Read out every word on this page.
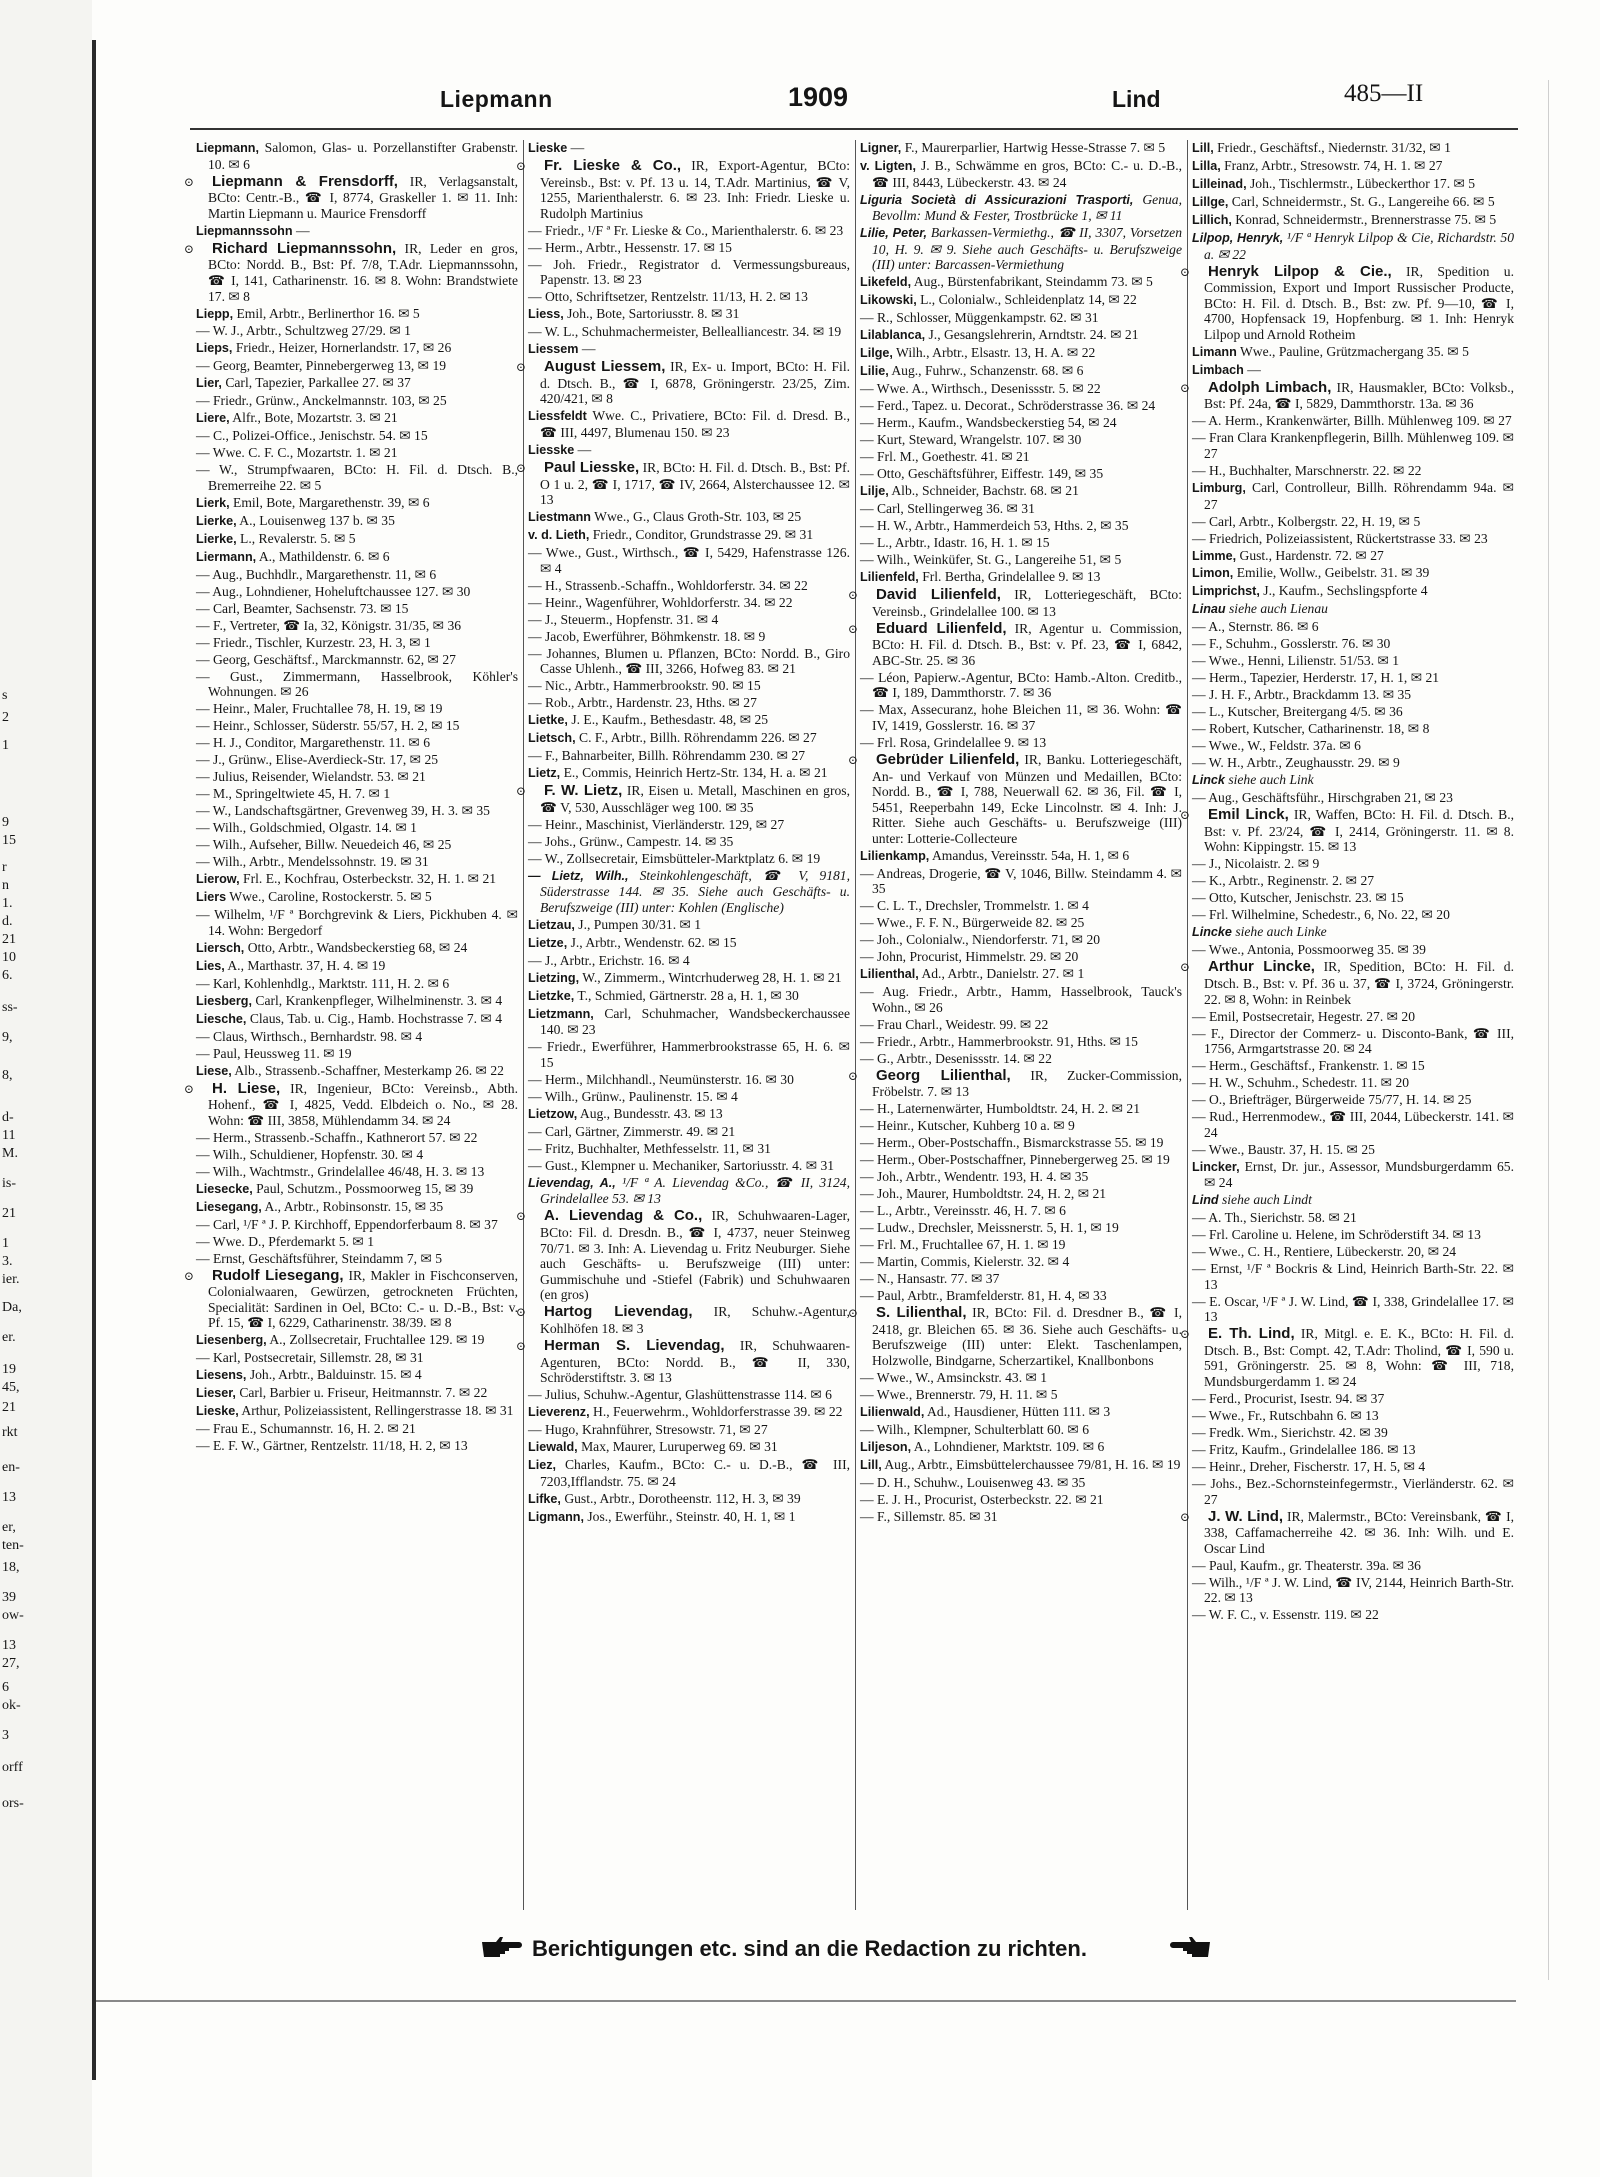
s
2
1
9
15
r
n
1.
d.
21
10
6.
ss-
9,
8,
d-
11
M.
is-
21
1
3.
ier.
Da,
er.
19
45,
21
rkt
en-
13
er,
ten-
18,
39
ow-
13
27,
6
ok-
3
orff
ors-
Liepmann	1909	Lind	485—II
Liepmann, Salomon, Glas- u. Porzellanstifter Grabenstr. 10. ✉ 6
⊙ Liepmann & Frensdorff, IR, Verlagsanstalt, BCto: Centr.-B., ☎ I, 8774, Graskeller 1. ✉ 11. Inh: Martin Liepmann u. Maurice Frensdorff
Liepmannssohn —
⊙ Richard Liepmannssohn, IR, Leder en gros, BCto: Nordd. B., Bst: Pf. 7/8, T.Adr. Liepmannssohn, ☎ I, 141, Catharinenstr. 16. ✉ 8. Wohn: Brandstwiete 17. ✉ 8
Liepp, Emil, Arbtr., Berlinerthor 16. ✉ 5
— W. J., Arbtr., Schultzweg 27/29. ✉ 1
Lieps, Friedr., Heizer, Hornerlandstr. 17, ✉ 26
— Georg, Beamter, Pinnebergerweg 13, ✉ 19
Lier, Carl, Tapezier, Parkallee 27. ✉ 37
— Friedr., Grünw., Anckelmannstr. 103, ✉ 25
Liere, Alfr., Bote, Mozartstr. 3. ✉ 21
— C., Polizei-Office., Jenischstr. 54. ✉ 15
— Wwe. C. F. C., Mozartstr. 1. ✉ 21
— W., Strumpfwaaren, BCto: H. Fil. d. Dtsch. B., Bremerreihe 22. ✉ 5
Lierk, Emil, Bote, Margarethenstr. 39, ✉ 6
Lierke, A., Louisenweg 137 b. ✉ 35
Lierke, L., Revalerstr. 5. ✉ 5
Liermann, A., Mathildenstr. 6. ✉ 6
— Aug., Buchhdlr., Margarethenstr. 11, ✉ 6
— Aug., Lohndiener, Hoheluftchaussee 127. ✉ 30
— Carl, Beamter, Sachsenstr. 73. ✉ 15
— F., Vertreter, ☎ Ia, 32, Königstr. 31/35, ✉ 36
— Friedr., Tischler, Kurzestr. 23, H. 3, ✉ 1
— Georg, Geschäftsf., Marckmannstr. 62, ✉ 27
— Gust., Zimmermann, Hasselbrook, Köhler's Wohnungen. ✉ 26
— Heinr., Maler, Fruchtallee 78, H. 19, ✉ 19
— Heinr., Schlosser, Süderstr. 55/57, H. 2, ✉ 15
— H. J., Conditor, Margarethenstr. 11. ✉ 6
— J., Grünw., Elise-Averdieck-Str. 17, ✉ 25
— Julius, Reisender, Wielandstr. 53. ✉ 21
— M., Springeltwiete 45, H. 7. ✉ 1
— W., Landschaftsgärtner, Grevenweg 39, H. 3. ✉ 35
— Wilh., Goldschmied, Olgastr. 14. ✉ 1
— Wilh., Aufseher, Billw. Neuedeich 46, ✉ 25
— Wilh., Arbtr., Mendelssohnstr. 19. ✉ 31
Lierow, Frl. E., Kochfrau, Osterbeckstr. 32, H. 1. ✉ 21
Liers Wwe., Caroline, Rostockerstr. 5. ✉ 5
— Wilhelm, ¹/F ª Borchgrevink & Liers, Pickhuben 4. ✉ 14. Wohn: Bergedorf
Liersch, Otto, Arbtr., Wandsbeckerstieg 68, ✉ 24
Lies, A., Marthastr. 37, H. 4. ✉ 19
— Karl, Kohlenhdlg., Marktstr. 111, H. 2. ✉ 6
Liesberg, Carl, Krankenpfleger, Wilhelminenstr. 3. ✉ 4
Liesche, Claus, Tab. u. Cig., Hamb. Hochstrasse 7. ✉ 4
— Claus, Wirthsch., Bernhardstr. 98. ✉ 4
— Paul, Heussweg 11. ✉ 19
Liese, Alb., Strassenb.-Schaffner, Mesterkamp 26. ✉ 22
⊙ H. Liese, IR, Ingenieur, BCto: Vereinsb., Abth. Hohenf., ☎ I, 4825, Vedd. Elbdeich o. No., ✉ 28. Wohn: ☎ III, 3858, Mühlendamm 34. ✉ 24
— Herm., Strassenb.-Schaffn., Kathnerort 57. ✉ 22
— Wilh., Schuldiener, Hopfenstr. 30. ✉ 4
— Wilh., Wachtmstr., Grindelallee 46/48, H. 3. ✉ 13
Liesecke, Paul, Schutzm., Possmoorweg 15, ✉ 39
Liesegang, A., Arbtr., Robinsonstr. 15, ✉ 35
— Carl, ¹/F ª J. P. Kirchhoff, Eppendorferbaum 8. ✉ 37
— Wwe. D., Pferdemarkt 5. ✉ 1
— Ernst, Geschäftsführer, Steindamm 7, ✉ 5
⊙ Rudolf Liesegang, IR, Makler in Fischconserven, Colonialwaaren, Gewürzen, getrockneten Früchten, Specialität: Sardinen in Oel, BCto: C.- u. D.-B., Bst: v. Pf. 15, ☎ I, 6229, Catharinenstr. 38/39. ✉ 8
Liesenberg, A., Zollsecretair, Fruchtallee 129. ✉ 19
— Karl, Postsecretair, Sillemstr. 28, ✉ 31
Liesens, Joh., Arbtr., Balduinstr. 15. ✉ 4
Lieser, Carl, Barbier u. Friseur, Heitmannstr. 7. ✉ 22
Lieske, Arthur, Polizeiassistent, Rellingerstrasse 18. ✉ 31
— Frau E., Schumannstr. 16, H. 2. ✉ 21
— E. F. W., Gärtner, Rentzelstr. 11/18, H. 2, ✉ 13
Lieske —
⊙ Fr. Lieske & Co., IR, Export-Agentur, BCto: Vereinsb., Bst: v. Pf. 13 u. 14, T.Adr. Martinius, ☎ V, 1255, Marienthalerstr. 6. ✉ 23. Inh: Friedr. Lieske u. Rudolph Martinius
— Friedr., ¹/F ª Fr. Lieske & Co., Marienthalerstr. 6. ✉ 23
— Herm., Arbtr., Hessenstr. 17. ✉ 15
— Joh. Friedr., Registrator d. Vermessungsbureaus, Papenstr. 13. ✉ 23
— Otto, Schriftsetzer, Rentzelstr. 11/13, H. 2. ✉ 13
Liess, Joh., Bote, Sartoriusstr. 8. ✉ 31
— W. L., Schuhmachermeister, Bellealliancestr. 34. ✉ 19
Liessem —
⊙ August Liessem, IR, Ex- u. Import, BCto: H. Fil. d. Dtsch. B., ☎ I, 6878, Gröningerstr. 23/25, Zim. 420/421, ✉ 8
Liessfeldt Wwe. C., Privatiere, BCto: Fil. d. Dresd. B., ☎ III, 4497, Blumenau 150. ✉ 23
Liesske —
⊙ Paul Liesske, IR, BCto: H. Fil. d. Dtsch. B., Bst: Pf. O 1 u. 2, ☎ I, 1717, ☎ IV, 2664, Alsterchaussee 12. ✉ 13
Liestmann Wwe., G., Claus Groth-Str. 103, ✉ 25
v. d. Lieth, Friedr., Conditor, Grundstrasse 29. ✉ 31
— Wwe., Gust., Wirthsch., ☎ I, 5429, Hafenstrasse 126. ✉ 4
— H., Strassenb.-Schaffn., Wohldorferstr. 34. ✉ 22
— Heinr., Wagenführer, Wohldorferstr. 34. ✉ 22
— J., Steuerm., Hopfenstr. 31. ✉ 4
— Jacob, Ewerführer, Böhmkenstr. 18. ✉ 9
— Johannes, Blumen u. Pflanzen, BCto: Nordd. B., Giro Casse Uhlenh., ☎ III, 3266, Hofweg 83. ✉ 21
— Nic., Arbtr., Hammerbrookstr. 90. ✉ 15
— Rob., Arbtr., Hardenstr. 23, Hths. ✉ 27
Lietke, J. E., Kaufm., Bethesdastr. 48, ✉ 25
Lietsch, C. F., Arbtr., Billh. Röhrendamm 226. ✉ 27
— F., Bahnarbeiter, Billh. Röhrendamm 230. ✉ 27
Lietz, E., Commis, Heinrich Hertz-Str. 134, H. a. ✉ 21
⊙ F. W. Lietz, IR, Eisen u. Metall, Maschinen en gros, ☎ V, 530, Ausschläger weg 100. ✉ 35
— Heinr., Maschinist, Vierländerstr. 129, ✉ 27
— Johs., Grünw., Campestr. 14. ✉ 35
— W., Zollsecretair, Eimsbütteler-Marktplatz 6. ✉ 19
— Lietz, Wilh., Steinkohlengeschäft, ☎ V, 9181, Süderstrasse 144. ✉ 35. Siehe auch Geschäfts- u. Berufszweige (III) unter: Kohlen (Englische)
Lietzau, J., Pumpen 30/31. ✉ 1
Lietze, J., Arbtr., Wendenstr. 62. ✉ 15
— J., Arbtr., Erichstr. 16. ✉ 4
Lietzing, W., Zimmerm., Wintcrhuderweg 28, H. 1. ✉ 21
Lietzke, T., Schmied, Gärtnerstr. 28 a, H. 1, ✉ 30
Lietzmann, Carl, Schuhmacher, Wandsbeckerchaussee 140. ✉ 23
— Friedr., Ewerführer, Hammerbrookstrasse 65, H. 6. ✉ 15
— Herm., Milchhandl., Neumünsterstr. 16. ✉ 30
— Wilh., Grünw., Paulinenstr. 15. ✉ 4
Lietzow, Aug., Bundesstr. 43. ✉ 13
— Carl, Gärtner, Zimmerstr. 49. ✉ 21
— Fritz, Buchhalter, Methfesselstr. 11, ✉ 31
— Gust., Klempner u. Mechaniker, Sartoriusstr. 4. ✉ 31
Lievendag, A., ¹/F ª A. Lievendag &Co., ☎ II, 3124, Grindelallee 53. ✉ 13
⊙ A. Lievendag & Co., IR, Schuhwaaren-Lager, BCto: Fil. d. Dresdn. B., ☎ I, 4737, neuer Steinweg 70/71. ✉ 3. Inh: A. Lievendag u. Fritz Neuburger. Siehe auch Geschäfts- u. Berufszweige (III) unter: Gummischuhe und -Stiefel (Fabrik) und Schuhwaaren (en gros)
⊙ Hartog Lievendag, IR, Schuhw.-Agentur, Kohlhöfen 18. ✉ 3
⊙ Herman S. Lievendag, IR, Schuhwaaren-Agenturen, BCto: Nordd. B., ☎ II, 330, Schröderstiftstr. 3. ✉ 13
— Julius, Schuhw.-Agentur, Glashüttenstrasse 114. ✉ 6
Lieverenz, H., Feuerwehrm., Wohldorferstrasse 39. ✉ 22
— Hugo, Krahnführer, Stresowstr. 71, ✉ 27
Liewald, Max, Maurer, Luruperweg 69. ✉ 31
Liez, Charles, Kaufm., BCto: C.- u. D.-B., ☎ III, 7203,Ifflandstr. 75. ✉ 24
Lifke, Gust., Arbtr., Dorotheenstr. 112, H. 3, ✉ 39
Ligmann, Jos., Ewerführ., Steinstr. 40, H. 1, ✉ 1
Ligner, F., Maurerparlier, Hartwig Hesse-Strasse 7. ✉ 5
v. Ligten, J. B., Schwämme en gros, BCto: C.- u. D.-B., ☎ III, 8443, Lübeckerstr. 43. ✉ 24
Liguria Società di Assicurazioni Trasporti, Genua, Bevollm: Mund & Fester, Trostbrücke 1, ✉ 11
Lilie, Peter, Barkassen-Vermiethg., ☎ II, 3307, Vorsetzen 10, H. 9. ✉ 9. Siehe auch Geschäfts- u. Berufszweige (III) unter: Barcassen-Vermiethung
Likefeld, Aug., Bürstenfabrikant, Steindamm 73. ✉ 5
Likowski, L., Colonialw., Schleidenplatz 14, ✉ 22
— R., Schlosser, Müggenkampstr. 62. ✉ 31
Lilablanca, J., Gesangslehrerin, Arndtstr. 24. ✉ 21
Lilge, Wilh., Arbtr., Elsastr. 13, H. A. ✉ 22
Lilie, Aug., Fuhrw., Schanzenstr. 68. ✉ 6
— Wwe. A., Wirthsch., Desenissstr. 5. ✉ 22
— Ferd., Tapez. u. Decorat., Schröderstrasse 36. ✉ 24
— Herm., Kaufm., Wandsbeckerstieg 54, ✉ 24
— Kurt, Steward, Wrangelstr. 107. ✉ 30
— Frl. M., Goethestr. 41. ✉ 21
— Otto, Geschäftsführer, Eiffestr. 149, ✉ 35
Lilje, Alb., Schneider, Bachstr. 68. ✉ 21
— Carl, Stellingerweg 36. ✉ 31
— H. W., Arbtr., Hammerdeich 53, Hths. 2, ✉ 35
— L., Arbtr., Idastr. 16, H. 1. ✉ 15
— Wilh., Weinküfer, St. G., Langereihe 51, ✉ 5
Lilienfeld, Frl. Bertha, Grindelallee 9. ✉ 13
⊙ David Lilienfeld, IR, Lotteriegeschäft, BCto: Vereinsb., Grindelallee 100. ✉ 13
⊙ Eduard Lilienfeld, IR, Agentur u. Commission, BCto: H. Fil. d. Dtsch. B., Bst: v. Pf. 23, ☎ I, 6842, ABC-Str. 25. ✉ 36
— Léon, Papierw.-Agentur, BCto: Hamb.-Alton. Creditb., ☎ I, 189, Dammthorstr. 7. ✉ 36
— Max, Assecuranz, hohe Bleichen 11, ✉ 36. Wohn: ☎ IV, 1419, Gosslerstr. 16. ✉ 37
— Frl. Rosa, Grindelallee 9. ✉ 13
⊙ Gebrüder Lilienfeld, IR, Banku. Lotteriegeschäft, An- und Verkauf von Münzen und Medaillen, BCto: Nordd. B., ☎ I, 788, Neuerwall 62. ✉ 36, Fil. ☎ I, 5451, Reeperbahn 149, Ecke Lincolnstr. ✉ 4. Inh: J. Ritter. Siehe auch Geschäfts- u. Berufszweige (III) unter: Lotterie-Collecteure
Lilienkamp, Amandus, Vereinsstr. 54a, H. 1, ✉ 6
— Andreas, Drogerie, ☎ V, 1046, Billw. Steindamm 4. ✉ 35
— C. L. T., Drechsler, Trommelstr. 1. ✉ 4
— Wwe., F. F. N., Bürgerweide 82. ✉ 25
— Joh., Colonialw., Niendorferstr. 71, ✉ 20
— John, Procurist, Himmelstr. 29. ✉ 20
Lilienthal, Ad., Arbtr., Danielstr. 27. ✉ 1
— Aug. Friedr., Arbtr., Hamm, Hasselbrook, Tauck's Wohn., ✉ 26
— Frau Charl., Weidestr. 99. ✉ 22
— Friedr., Arbtr., Hammerbrookstr. 91, Hths. ✉ 15
— G., Arbtr., Desenissstr. 14. ✉ 22
⊙ Georg Lilienthal, IR, Zucker-Commission, Fröbelstr. 7. ✉ 13
— H., Laternenwärter, Humboldtstr. 24, H. 2. ✉ 21
— Heinr., Kutscher, Kuhberg 10 a. ✉ 9
— Herm., Ober-Postschaffn., Bismarckstrasse 55. ✉ 19
— Herm., Ober-Postschaffner, Pinnebergerweg 25. ✉ 19
— Joh., Arbtr., Wendentr. 193, H. 4. ✉ 35
— Joh., Maurer, Humboldtstr. 24, H. 2, ✉ 21
— L., Arbtr., Vereinsstr. 46, H. 7. ✉ 6
— Ludw., Drechsler, Meissnerstr. 5, H. 1, ✉ 19
— Frl. M., Fruchtallee 67, H. 1. ✉ 19
— Martin, Commis, Kielerstr. 32. ✉ 4
— N., Hansastr. 77. ✉ 37
— Paul, Arbtr., Bramfelderstr. 81, H. 4, ✉ 33
⊙ S. Lilienthal, IR, BCto: Fil. d. Dresdner B., ☎ I, 2418, gr. Bleichen 65. ✉ 36. Siehe auch Geschäfts- u. Berufszweige (III) unter: Elekt. Taschenlampen, Holzwolle, Bindgarne, Scherzartikel, Knallbonbons
— Wwe., W., Amsinckstr. 43. ✉ 1
— Wwe., Brennerstr. 79, H. 11. ✉ 5
Lilienwald, Ad., Hausdiener, Hütten 111. ✉ 3
— Wilh., Klempner, Schulterblatt 60. ✉ 6
Liljeson, A., Lohndiener, Marktstr. 109. ✉ 6
Lill, Aug., Arbtr., Eimsbüttelerchaussee 79/81, H. 16. ✉ 19
— D. H., Schuhw., Louisenweg 43. ✉ 35
— E. J. H., Procurist, Osterbeckstr. 22. ✉ 21
— F., Sillemstr. 85. ✉ 31
Lill, Friedr., Geschäftsf., Niedernstr. 31/32, ✉ 1
Lilla, Franz, Arbtr., Stresowstr. 74, H. 1. ✉ 27
Lilleinad, Joh., Tischlermstr., Lübeckerthor 17. ✉ 5
Lillge, Carl, Schneidermstr., St. G., Langereihe 66. ✉ 5
Lillich, Konrad, Schneidermstr., Brennerstrasse 75. ✉ 5
Lilpop, Henryk, ¹/F ª Henryk Lilpop & Cie, Richardstr. 50 a. ✉ 22
⊙ Henryk Lilpop & Cie., IR, Spedition u. Commission, Export und Import Russischer Producte, BCto: H. Fil. d. Dtsch. B., Bst: zw. Pf. 9—10, ☎ I, 4700, Hopfensack 19, Hopfenburg. ✉ 1. Inh: Henryk Lilpop und Arnold Rotheim
Limann Wwe., Pauline, Grützmachergang 35. ✉ 5
Limbach —
⊙ Adolph Limbach, IR, Hausmakler, BCto: Volksb., Bst: Pf. 24a, ☎ I, 5829, Dammthorstr. 13a. ✉ 36
— A. Herm., Krankenwärter, Billh. Mühlenweg 109. ✉ 27
— Fran Clara Krankenpflegerin, Billh. Mühlenweg 109. ✉ 27
— H., Buchhalter, Marschnerstr. 22. ✉ 22
Limburg, Carl, Controlleur, Billh. Röhrendamm 94a. ✉ 27
— Carl, Arbtr., Kolbergstr. 22, H. 19, ✉ 5
— Friedrich, Polizeiassistent, Rückertstrasse 33. ✉ 23
Limme, Gust., Hardenstr. 72. ✉ 27
Limon, Emilie, Wollw., Geibelstr. 31. ✉ 39
Limprichst, J., Kaufm., Sechslingspforte 4
Linau siehe auch Lienau
— A., Sternstr. 86. ✉ 6
— F., Schuhm., Gosslerstr. 76. ✉ 30
— Wwe., Henni, Lilienstr. 51/53. ✉ 1
— Herm., Tapezier, Herderstr. 17, H. 1, ✉ 21
— J. H. F., Arbtr., Brackdamm 13. ✉ 35
— L., Kutscher, Breitergang 4/5. ✉ 36
— Robert, Kutscher, Catharinenstr. 18, ✉ 8
— Wwe., W., Feldstr. 37a. ✉ 6
— W. H., Arbtr., Zeughausstr. 29. ✉ 9
Linck siehe auch Link
— Aug., Geschäftsführ., Hirschgraben 21, ✉ 23
⊙ Emil Linck, IR, Waffen, BCto: H. Fil. d. Dtsch. B., Bst: v. Pf. 23/24, ☎ I, 2414, Gröningerstr. 11. ✉ 8. Wohn: Kippingstr. 15. ✉ 13
— J., Nicolaistr. 2. ✉ 9
— K., Arbtr., Reginenstr. 2. ✉ 27
— Otto, Kutscher, Jenischstr. 23. ✉ 15
— Frl. Wilhelmine, Schedestr., 6, No. 22, ✉ 20
Lincke siehe auch Linke
— Wwe., Antonia, Possmoorweg 35. ✉ 39
⊙ Arthur Lincke, IR, Spedition, BCto: H. Fil. d. Dtsch. B., Bst: v. Pf. 36 u. 37, ☎ I, 3724, Gröningerstr. 22. ✉ 8, Wohn: in Reinbek
— Emil, Postsecretair, Hegestr. 27. ✉ 20
— F., Director der Commerz- u. Disconto-Bank, ☎ III, 1756, Armgartstrasse 20. ✉ 24
— Herm., Geschäftsf., Frankenstr. 1. ✉ 15
— H. W., Schuhm., Schedestr. 11. ✉ 20
— O., Briefträger, Bürgerweide 75/77, H. 14. ✉ 25
— Rud., Herrenmodew., ☎ III, 2044, Lübeckerstr. 141. ✉ 24
— Wwe., Baustr. 37, H. 15. ✉ 25
Lincker, Ernst, Dr. jur., Assessor, Mundsburgerdamm 65. ✉ 24
Lind siehe auch Lindt
— A. Th., Sierichstr. 58. ✉ 21
— Frl. Caroline u. Helene, im Schröderstift 34. ✉ 13
— Wwe., C. H., Rentiere, Lübeckerstr. 20, ✉ 24
— Ernst, ¹/F ª Bockris & Lind, Heinrich Barth-Str. 22. ✉ 13
— E. Oscar, ¹/F ª J. W. Lind, ☎ I, 338, Grindelallee 17. ✉ 13
⊙ E. Th. Lind, IR, Mitgl. e. E. K., BCto: H. Fil. d. Dtsch. B., Bst: Compt. 42, T.Adr: Tholind, ☎ I, 590 u. 591, Gröningerstr. 25. ✉ 8, Wohn: ☎ III, 718, Mundsburgerdamm 1. ✉ 24
— Ferd., Procurist, Isestr. 94. ✉ 37
— Wwe., Fr., Rutschbahn 6. ✉ 13
— Fredk. Wm., Sierichstr. 42. ✉ 39
— Fritz, Kaufm., Grindelallee 186. ✉ 13
— Heinr., Dreher, Fischerstr. 17, H. 5, ✉ 4
— Johs., Bez.-Schornsteinfegermstr., Vierländerstr. 62. ✉ 27
⊙ J. W. Lind, IR, Malermstr., BCto: Vereinsbank, ☎ I, 338, Caffamacherreihe 42. ✉ 36. Inh: Wilh. und E. Oscar Lind
— Paul, Kaufm., gr. Theaterstr. 39a. ✉ 36
— Wilh., ¹/F ª J. W. Lind, ☎ IV, 2144, Heinrich Barth-Str. 22. ✉ 13
— W. F. C., v. Essenstr. 119. ✉ 22
Berichtigungen etc. sind an die Redaction zu richten.
